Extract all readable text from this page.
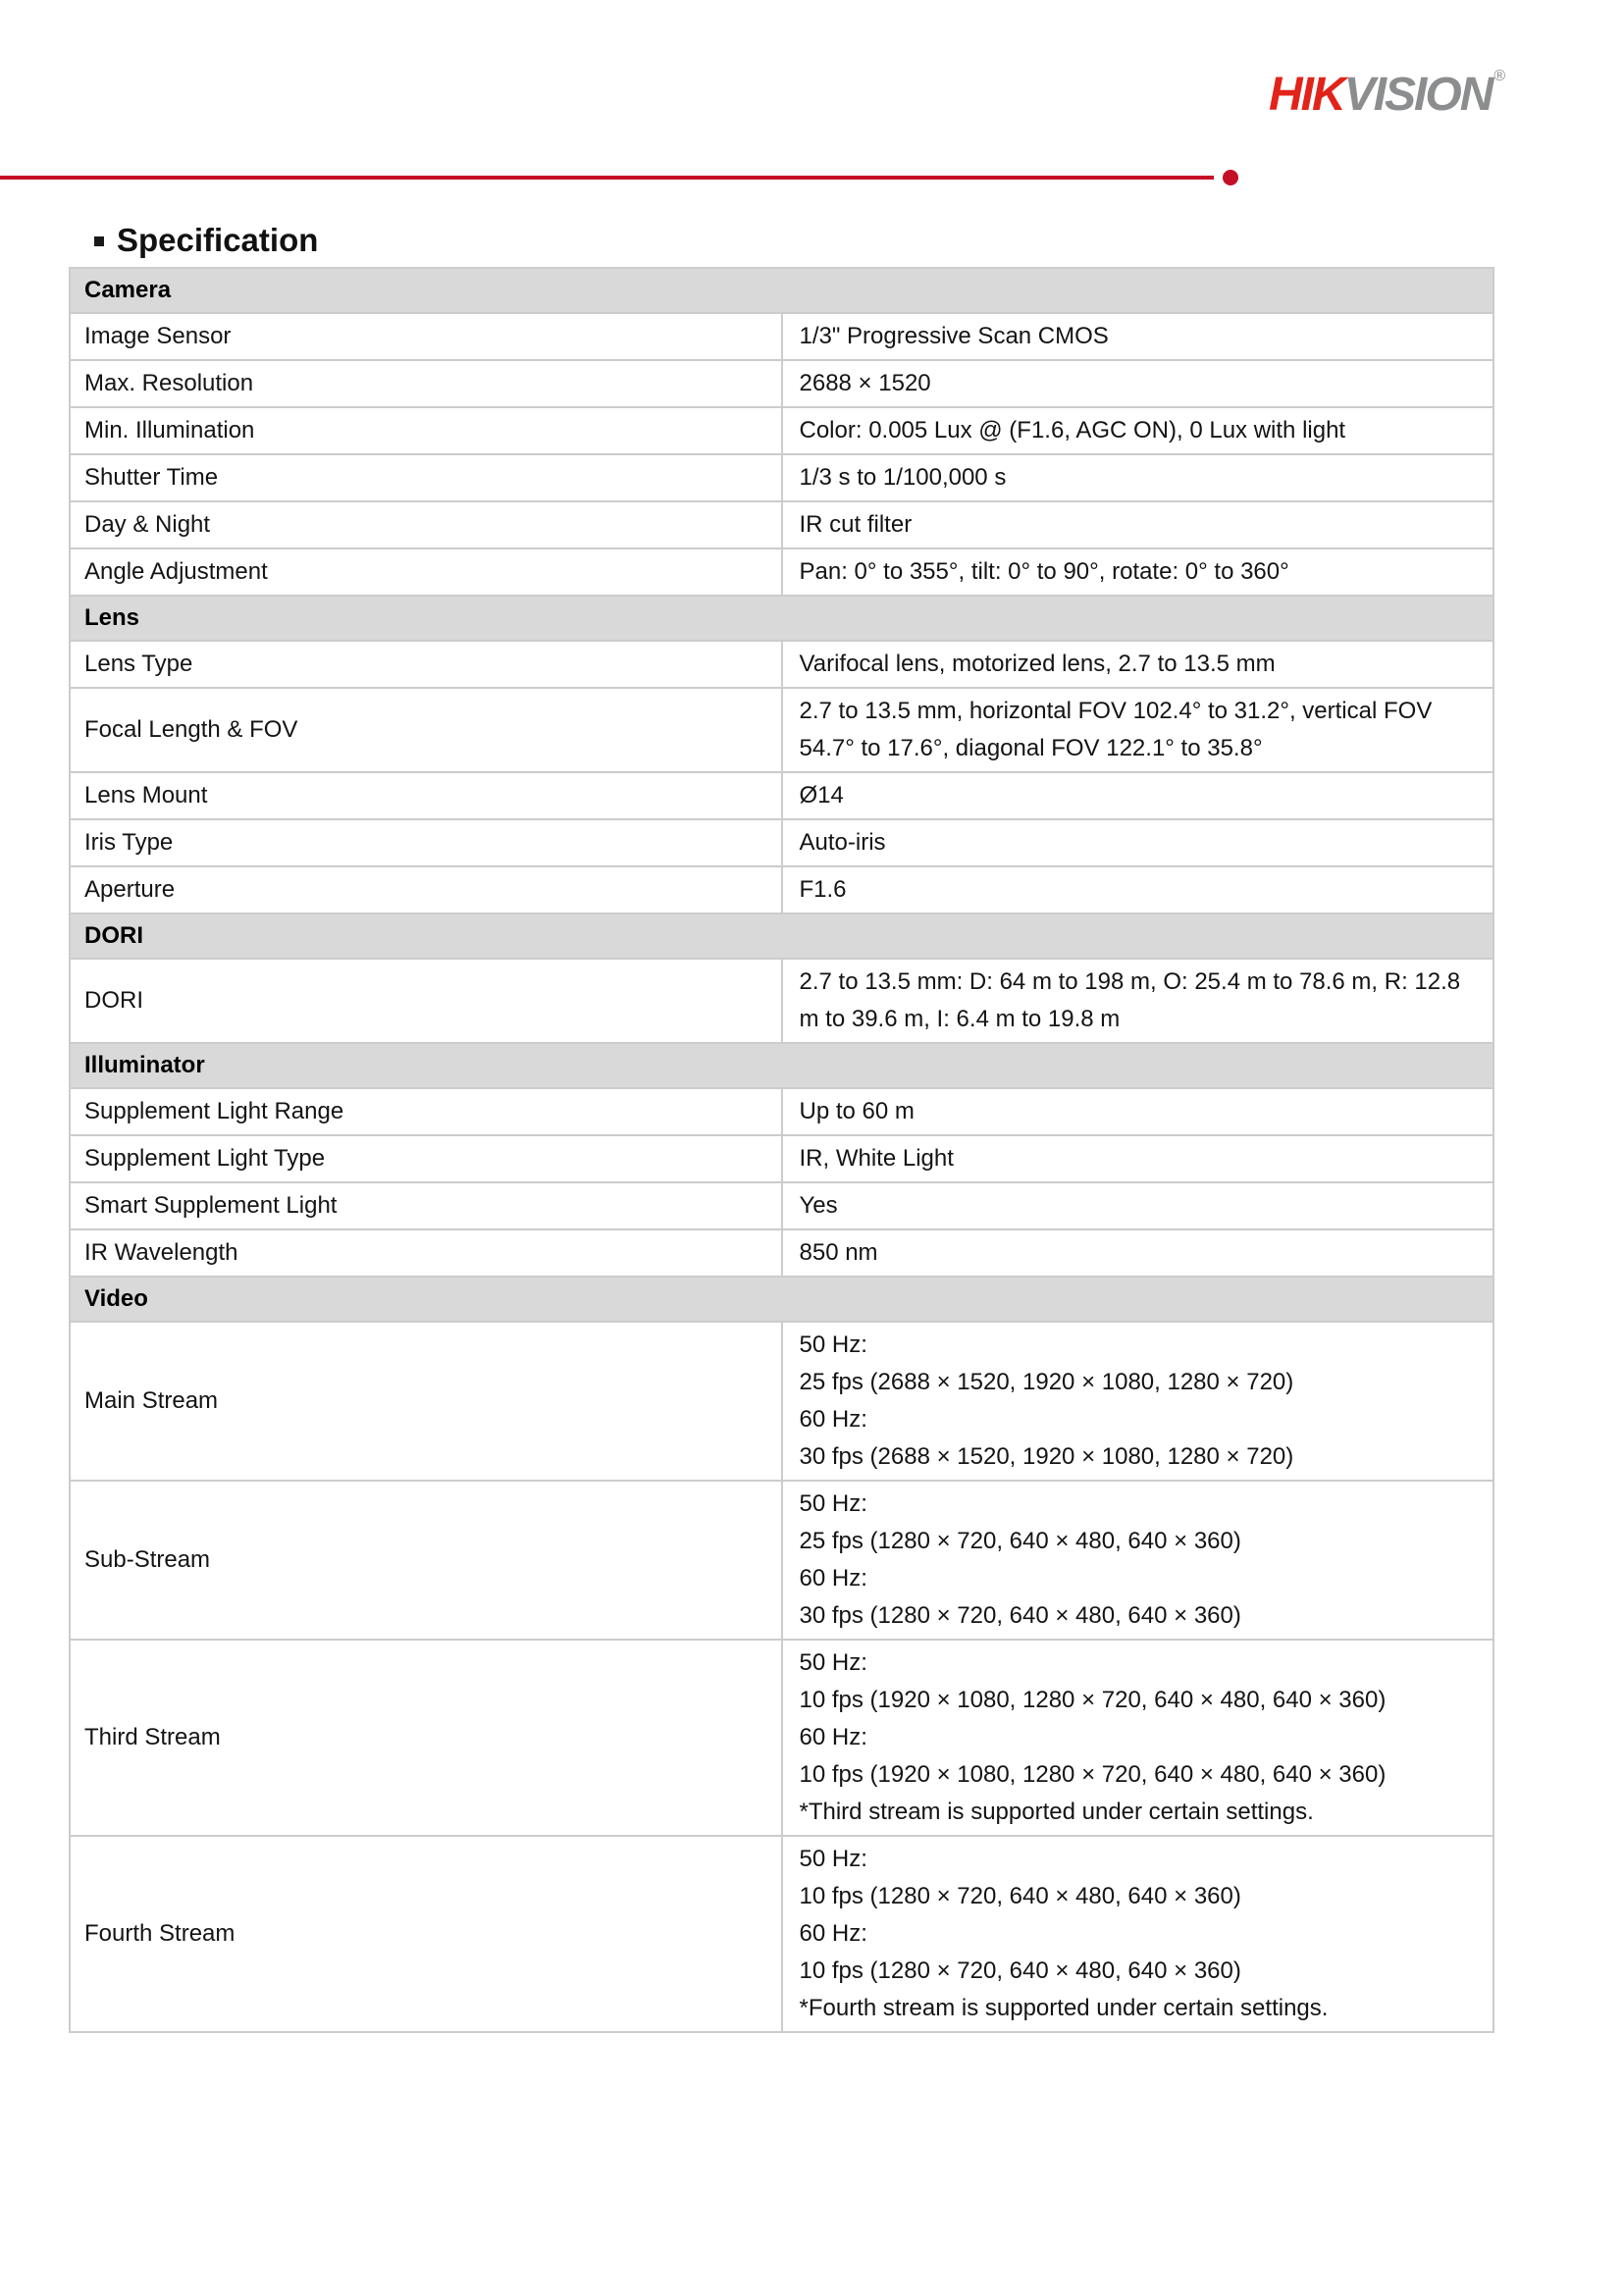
HIKVISION ®
Specification
Camera	
Image Sensor	1/3" Progressive Scan CMOS

Max. Resolution	2688 × 1520

Min. Illumination	Color: 0.005 Lux @ (F1.6, AGC ON), 0 Lux with light

Shutter Time	1/3 s to 1/100,000 s

Day & Night	IR cut filter

Angle Adjustment	Pan: 0° to 355°, tilt: 0° to 90°, rotate: 0° to 360°

Lens	
Lens Type	Varifocal lens, motorized lens, 2.7 to 13.5 mm

Focal Length & FOV	2.7 to 13.5 mm, horizontal FOV 102.4° to 31.2°, vertical FOV 54.7° to 17.6°, diagonal FOV 122.1° to 35.8°

Lens Mount	Ø14

Iris Type	Auto-iris

Aperture	F1.6

DORI	
DORI	2.7 to 13.5 mm: D: 64 m to 198 m, O: 25.4 m to 78.6 m, R: 12.8 m to 39.6 m, I: 6.4 m to 19.8 m

Illuminator	
Supplement Light Range	Up to 60 m

Supplement Light Type	IR, White Light

Smart Supplement Light	Yes

IR Wavelength	850 nm

Video	
Main Stream	50 Hz:
25 fps (2688 × 1520, 1920 × 1080, 1280 × 720)
60 Hz:
30 fps (2688 × 1520, 1920 × 1080, 1280 × 720)

Sub-Stream	50 Hz:
25 fps (1280 × 720, 640 × 480, 640 × 360)
60 Hz:
30 fps (1280 × 720, 640 × 480, 640 × 360)

Third Stream	50 Hz:
10 fps (1920 × 1080, 1280 × 720, 640 × 480, 640 × 360)
60 Hz:
10 fps (1920 × 1080, 1280 × 720, 640 × 480, 640 × 360)
*Third stream is supported under certain settings.

Fourth Stream	50 Hz:
10 fps (1280 × 720, 640 × 480, 640 × 360)
60 Hz:
10 fps (1280 × 720, 640 × 480, 640 × 360)
*Fourth stream is supported under certain settings.
